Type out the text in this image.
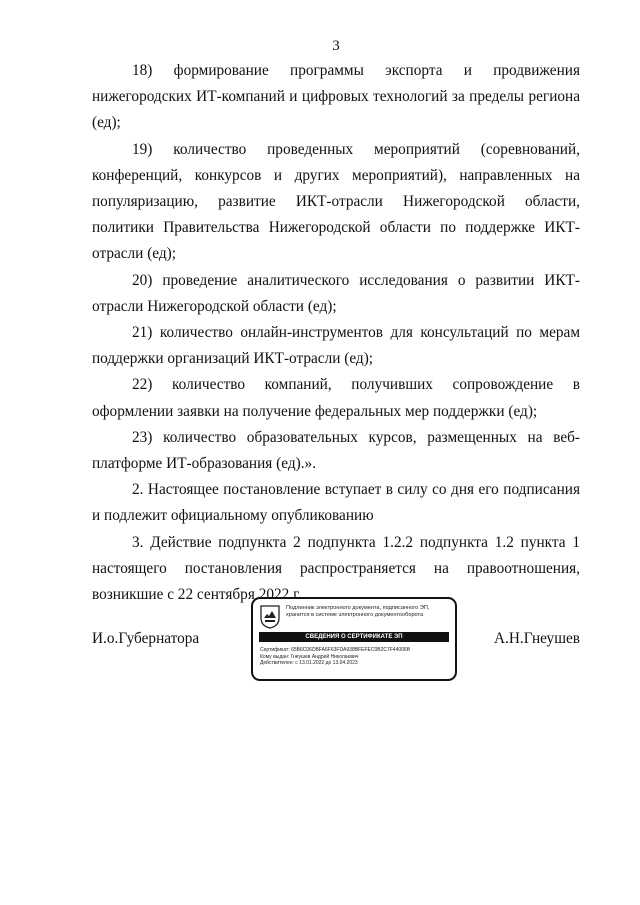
3

18) формирование программы экспорта и продвижения нижегородских ИТ-компаний и цифровых технологий за пределы региона (ед);

19) количество проведенных мероприятий (соревнований, конференций, конкурсов и других мероприятий), направленных на популяризацию, развитие ИКТ-отрасли Нижегородской области, политики Правительства Нижегородской области по поддержке ИКТ-отрасли (ед);

20) проведение аналитического исследования о развитии ИКТ-отрасли Нижегородской области (ед);

21) количество онлайн-инструментов для консультаций по мерам поддержки организаций ИКТ-отрасли (ед);

22) количество компаний, получивших сопровождение в оформлении заявки на получение федеральных мер поддержки (ед);

23) количество образовательных курсов, размещенных на веб-платформе ИТ-образования (ед).».

2. Настоящее постановление вступает в силу со дня его подписания и подлежит официальному опубликованию

3. Действие подпункта 2 подпункта 1.2.2 подпункта 1.2 пункта 1 настоящего постановления распространяется на правоотношения, возникшие с 22 сентября 2022 г.

И.о.Губернатора	А.Н.Гнеушев
Подлинник электронного документа, подписанного ЭП, хранится в системе электронного документооборота
СВЕДЕНИЯ О СЕРТИФИКАТЕ ЭП
Сертификат: 65B6C06DBFA6F63FDA938BFEFEC0B2C7F44006B
Кому выдан: Гнеушев Андрей Николаевич
Действителен: с 13.01.2022 до 13.04.2023
